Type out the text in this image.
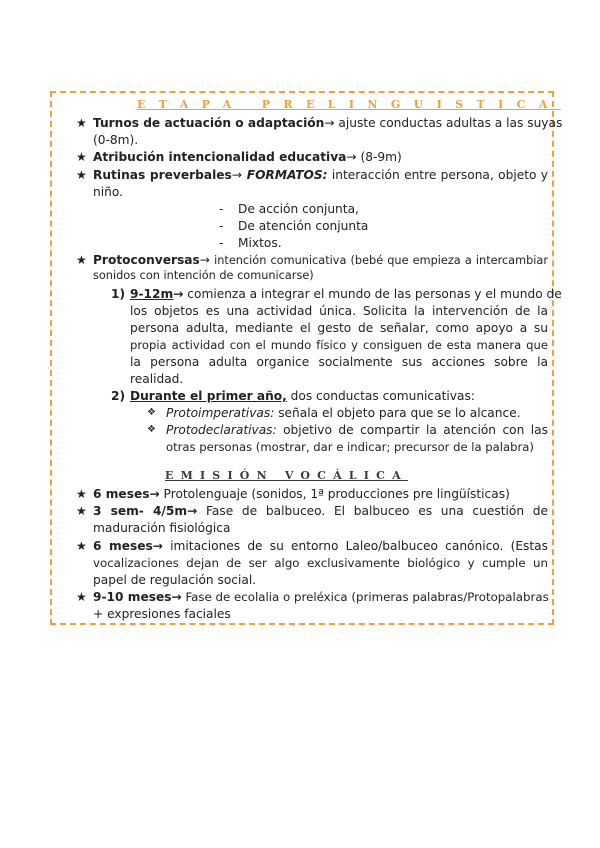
ETAPA PRELINGUISTICA
★ Turnos de actuación o adaptación→ ajuste conductas adultas a las suyas
(0-8m).
★ Atribución intencionalidad educativa→ (8-9m)
★ Rutinas preverbales→ FORMATOS: interacción entre persona, objeto y
niño.
- De acción conjunta,
- De atención conjunta
- Mixtos.
★ Protoconversas→ intención comunicativa (bebé que empieza a intercambiar
sonidos con intención de comunicarse)
1) 9-12m→ comienza a integrar el mundo de las personas y el mundo de
los objetos es una actividad única. Solicita la intervención de la
persona adulta, mediante el gesto de señalar, como apoyo a su
propia actividad con el mundo físico y consiguen de esta manera que
la persona adulta organice socialmente sus acciones sobre la
realidad.
2) Durante el primer año, dos conductas comunicativas:
❖ Protoimperativas: señala el objeto para que se lo alcance.
❖ Protodeclarativas: objetivo de compartir la atención con las
otras personas (mostrar, dar e indicar; precursor de la palabra)
EMISIÓN VOCÁLICA
★ 6 meses→ Protolenguaje (sonidos, 1ª producciones pre lingüísticas)
★ 3 sem- 4/5m→ Fase de balbuceo. El balbuceo es una cuestión de
maduración fisiológica
★ 6 meses→ imitaciones de su entorno Laleo/balbuceo canónico. (Estas
vocalizaciones dejan de ser algo exclusivamente biológico y cumple un
papel de regulación social.
★ 9-10 meses→ Fase de ecolalia o preléxica (primeras palabras/Protopalabras
+ expresiones faciales
